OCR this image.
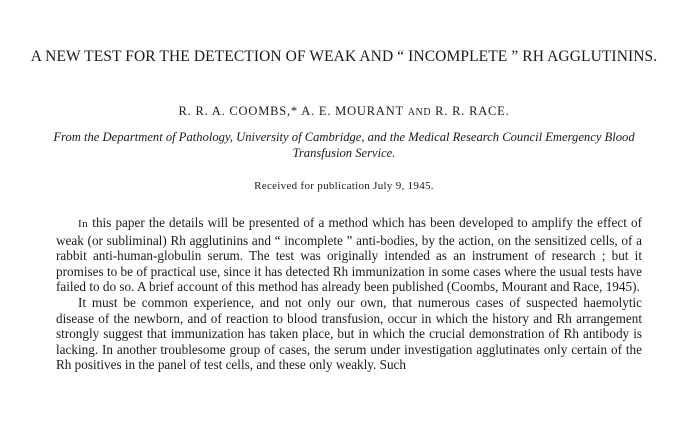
A NEW TEST FOR THE DETECTION OF WEAK AND “ INCOMPLETE ” RH AGGLUTININS.
R. R. A. COOMBS,* A. E. MOURANT AND R. R. RACE.
From the Department of Pathology, University of Cambridge, and the Medical Research Council Emergency Blood Transfusion Service.
Received for publication July 9, 1945.

In this paper the details will be presented of a method which has been developed to amplify the effect of weak (or subliminal) Rh agglutinins and “ incomplete ” anti-bodies, by the action, on the sensitized cells, of a rabbit anti-human-globulin serum. The test was originally intended as an instrument of research ; but it promises to be of practical use, since it has detected Rh immunization in some cases where the usual tests have failed to do so. A brief account of this method has already been published (Coombs, Mourant and Race, 1945).

It must be common experience, and not only our own, that numerous cases of suspected haemolytic disease of the newborn, and of reaction to blood transfusion, occur in which the history and Rh arrangement strongly suggest that immunization has taken place, but in which the crucial demonstration of Rh antibody is lacking. In another troublesome group of cases, the serum under investigation agglutinates only certain of the Rh positives in the panel of test cells, and these only weakly. Such
